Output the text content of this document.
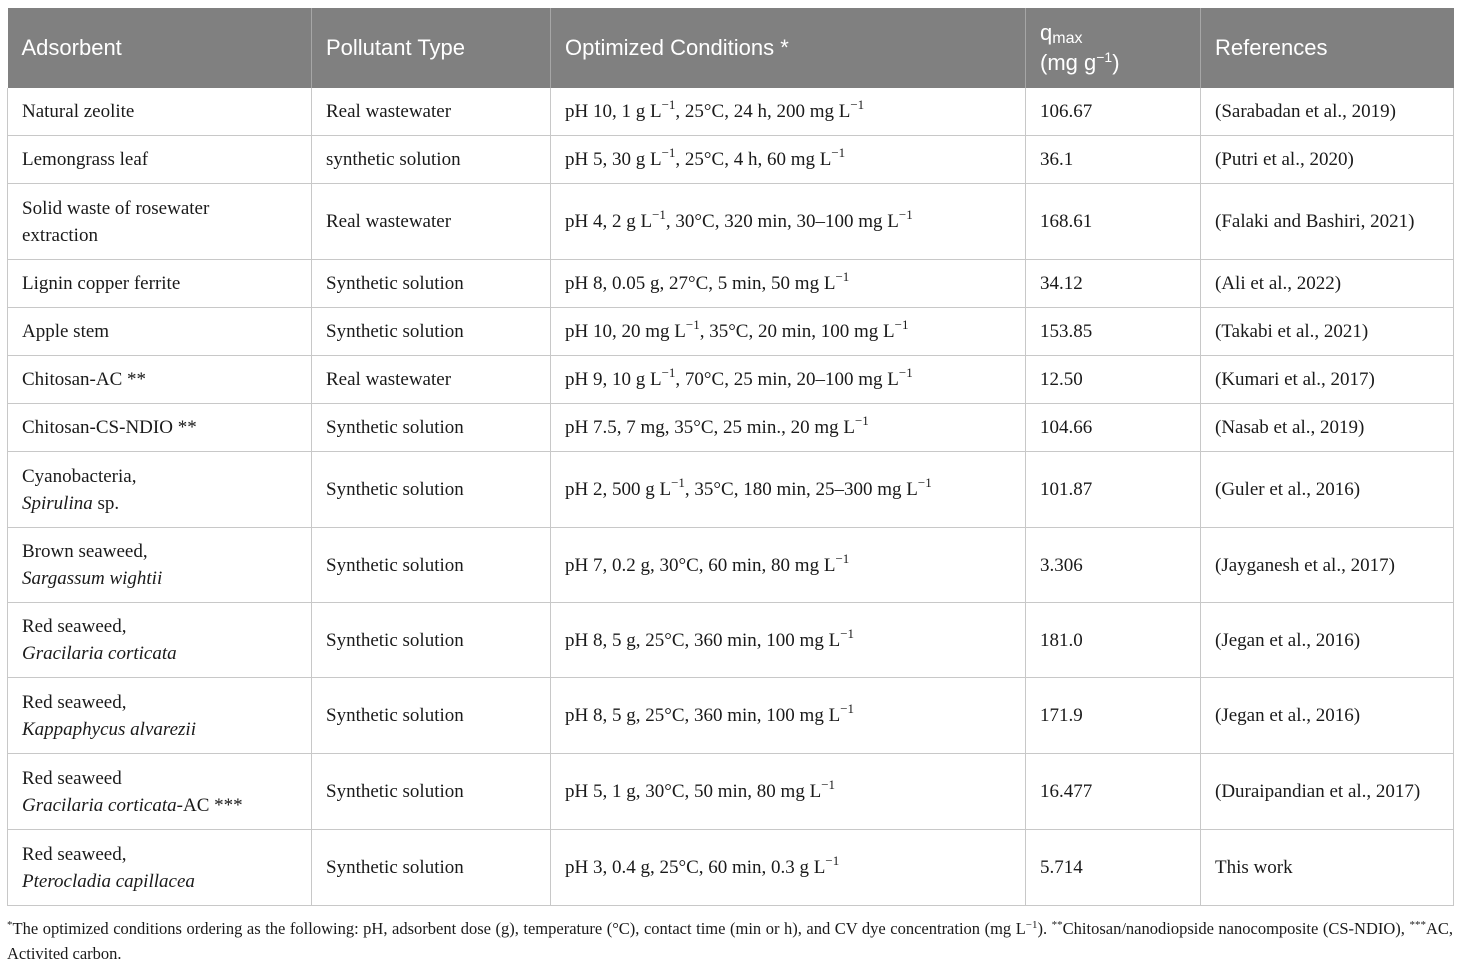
Adsorbent	Pollutant Type	Optimized Conditions *	$q_{max}$
(mg $g^{-1}$)	References
Natural zeolite	Real wastewater	pH 10, 1 g $L^{-1}$, 25°C, 24 h, 200 mg $L^{-1}$	106.67	(Sarabadan et al., 2019)
Lemongrass leaf	synthetic solution	pH 5, 30 g $L^{-1}$, 25°C, 4 h, 60 mg $L^{-1}$	36.1	(Putri et al., 2020)

Solid waste of rosewater
extraction	Real wastewater	pH 4, 2 g $L^{-1}$, 30°C, 320 min, 30–100 mg $L^{-1}$	168.61	(Falaki and Bashiri, 2021)
Lignin copper ferrite	Synthetic solution	pH 8, 0.05 g, 27°C, 5 min, 50 mg $L^{-1}$	34.12	(Ali et al., 2022)
Apple stem	Synthetic solution	pH 10, 20 mg $L^{-1}$, 35°C, 20 min, 100 mg $L^{-1}$	153.85	(Takabi et al., 2021)
Chitosan-AC **	Real wastewater	pH 9, 10 g $L^{-1}$, 70°C, 25 min, 20–100 mg $L^{-1}$	12.50	(Kumari et al., 2017)
Chitosan-CS-NDIO **	Synthetic solution	pH 7.5, 7 mg, 35°C, 25 min., 20 mg $L^{-1}$	104.66	(Nasab et al., 2019)

Cyanobacteria,
Spirulina sp.	Synthetic solution	pH 2, 500 g $L^{-1}$, 35°C, 180 min, 25–300 mg $L^{-1}$	101.87	(Guler et al., 2016)

Brown seaweed,
Sargassum wightii	Synthetic solution	pH 7, 0.2 g, 30°C, 60 min, 80 mg $L^{-1}$	3.306	(Jayganesh et al., 2017)

Red seaweed,
Gracilaria corticata	Synthetic solution	pH 8, 5 g, 25°C, 360 min, 100 mg $L^{-1}$	181.0	(Jegan et al., 2016)

Red seaweed,
Kappaphycus alvarezii	Synthetic solution	pH 8, 5 g, 25°C, 360 min, 100 mg $L^{-1}$	171.9	(Jegan et al., 2016)

Red seaweed
Gracilaria corticata-AC ***	Synthetic solution	pH 5, 1 g, 30°C, 50 min, 80 mg $L^{-1}$	16.477	(Duraipandian et al., 2017)

Red seaweed,
Pterocladia capillacea	Synthetic solution	pH 3, 0.4 g, 25°C, 60 min, 0.3 g $L^{-1}$	5.714	This work
*The optimized conditions ordering as the following: pH, adsorbent dose (g), temperature (°C), contact time (min or h), and CV dye concentration (mg $L^{-1}$). **Chitosan/nanodiopside nanocomposite (CS-NDIO), ***AC, Activited carbon.
